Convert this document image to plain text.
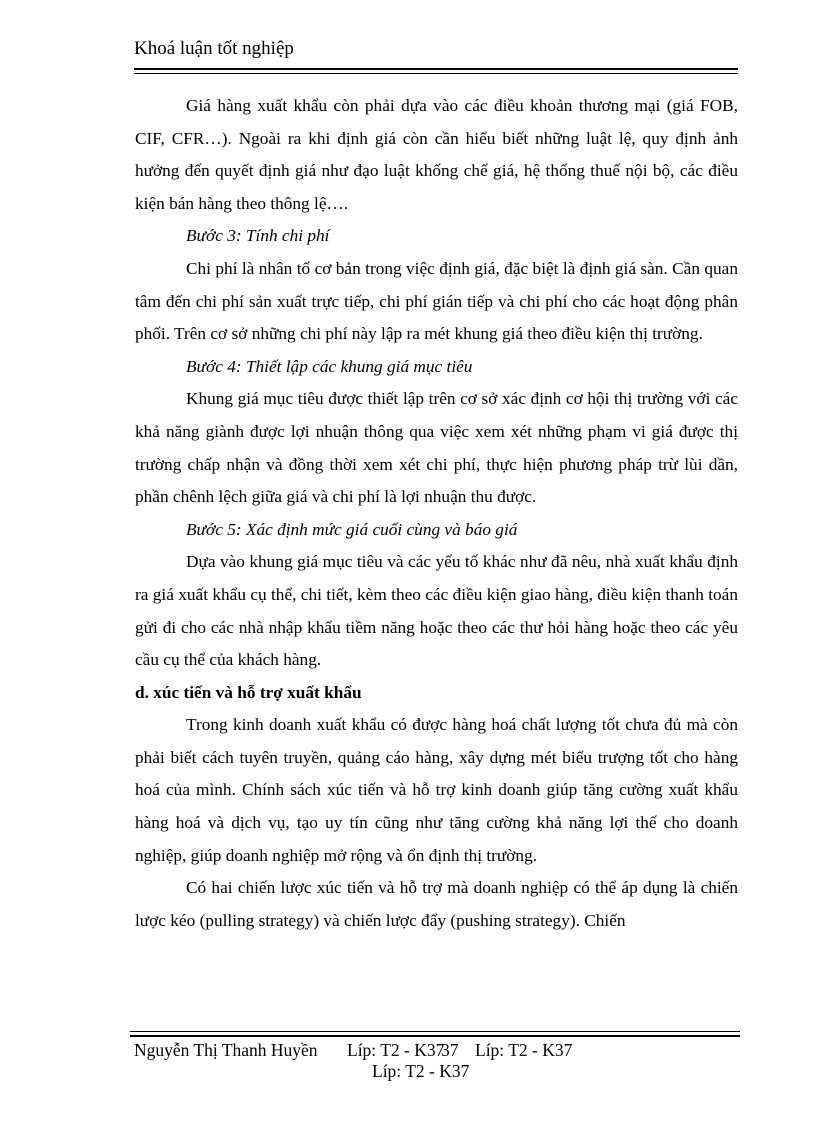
Khoá luận tốt nghiệp

Giá hàng xuất khẩu còn phải dựa vào các điều khoản thương mại (giá FOB, CIF, CFR…). Ngoài ra khi định giá còn cần hiểu biết những luật lệ, quy định ảnh hưởng đến quyết định giá như đạo luật khống chế giá, hệ thống thuế nội bộ, các điều kiện bán hàng theo thông lệ….

Bước 3: Tính chi phí

Chi phí là nhân tố cơ bản trong việc định giá, đặc biệt là định giá sàn. Cần quan tâm đến chi phí sản xuất trực tiếp, chi phí gián tiếp và chi phí cho các hoạt động phân phối. Trên cơ sở những chi phí này lập ra mét khung giá theo điều kiện thị trường.

Bước 4: Thiết lập các khung giá mục tiêu

Khung giá mục tiêu được thiết lập trên cơ sở xác định cơ hội thị trường với các khả năng giành được lợi nhuận thông qua việc xem xét những phạm vi giá được thị trường chấp nhận và đồng thời xem xét chi phí, thực hiện phương pháp trừ lùi dần, phần chênh lệch giữa giá và chi phí là lợi nhuận thu được.

Bước 5: Xác định mức giá cuối cùng và báo giá

Dựa vào khung giá mục tiêu và các yếu tố khác như đã nêu, nhà xuất khẩu định ra giá xuất khẩu cụ thể, chi tiết, kèm theo các điều kiện giao hàng, điều kiện thanh toán gửi đi cho các nhà nhập khẩu tiềm năng hoặc theo các thư hỏi hàng hoặc theo các yêu cầu cụ thể của khách hàng.

d. xúc tiến và hỗ trợ xuất khẩu

Trong kinh doanh xuất khẩu có được hàng hoá chất lượng tốt chưa đủ mà còn phải biết cách tuyên truyền, quảng cáo hàng, xây dựng mét biểu trượng tốt cho hàng hoá của mình. Chính sách xúc tiến và hỗ trợ kinh doanh giúp tăng cường xuất khẩu hàng hoá và dịch vụ, tạo uy tín cũng như tăng cường khả năng lợi thế cho doanh nghiệp, giúp doanh nghiệp mở rộng và ổn định thị trường.

Có hai chiến lược xúc tiến và hỗ trợ mà doanh nghiệp có thể áp dụng là chiến lược kéo (pulling strategy) và chiến lược đẩy (pushing strategy). Chiến

Nguyễn Thị Thanh Huyền Líp: T2 - K37
37 Líp: T2 - K37
Líp: T2 - K37
